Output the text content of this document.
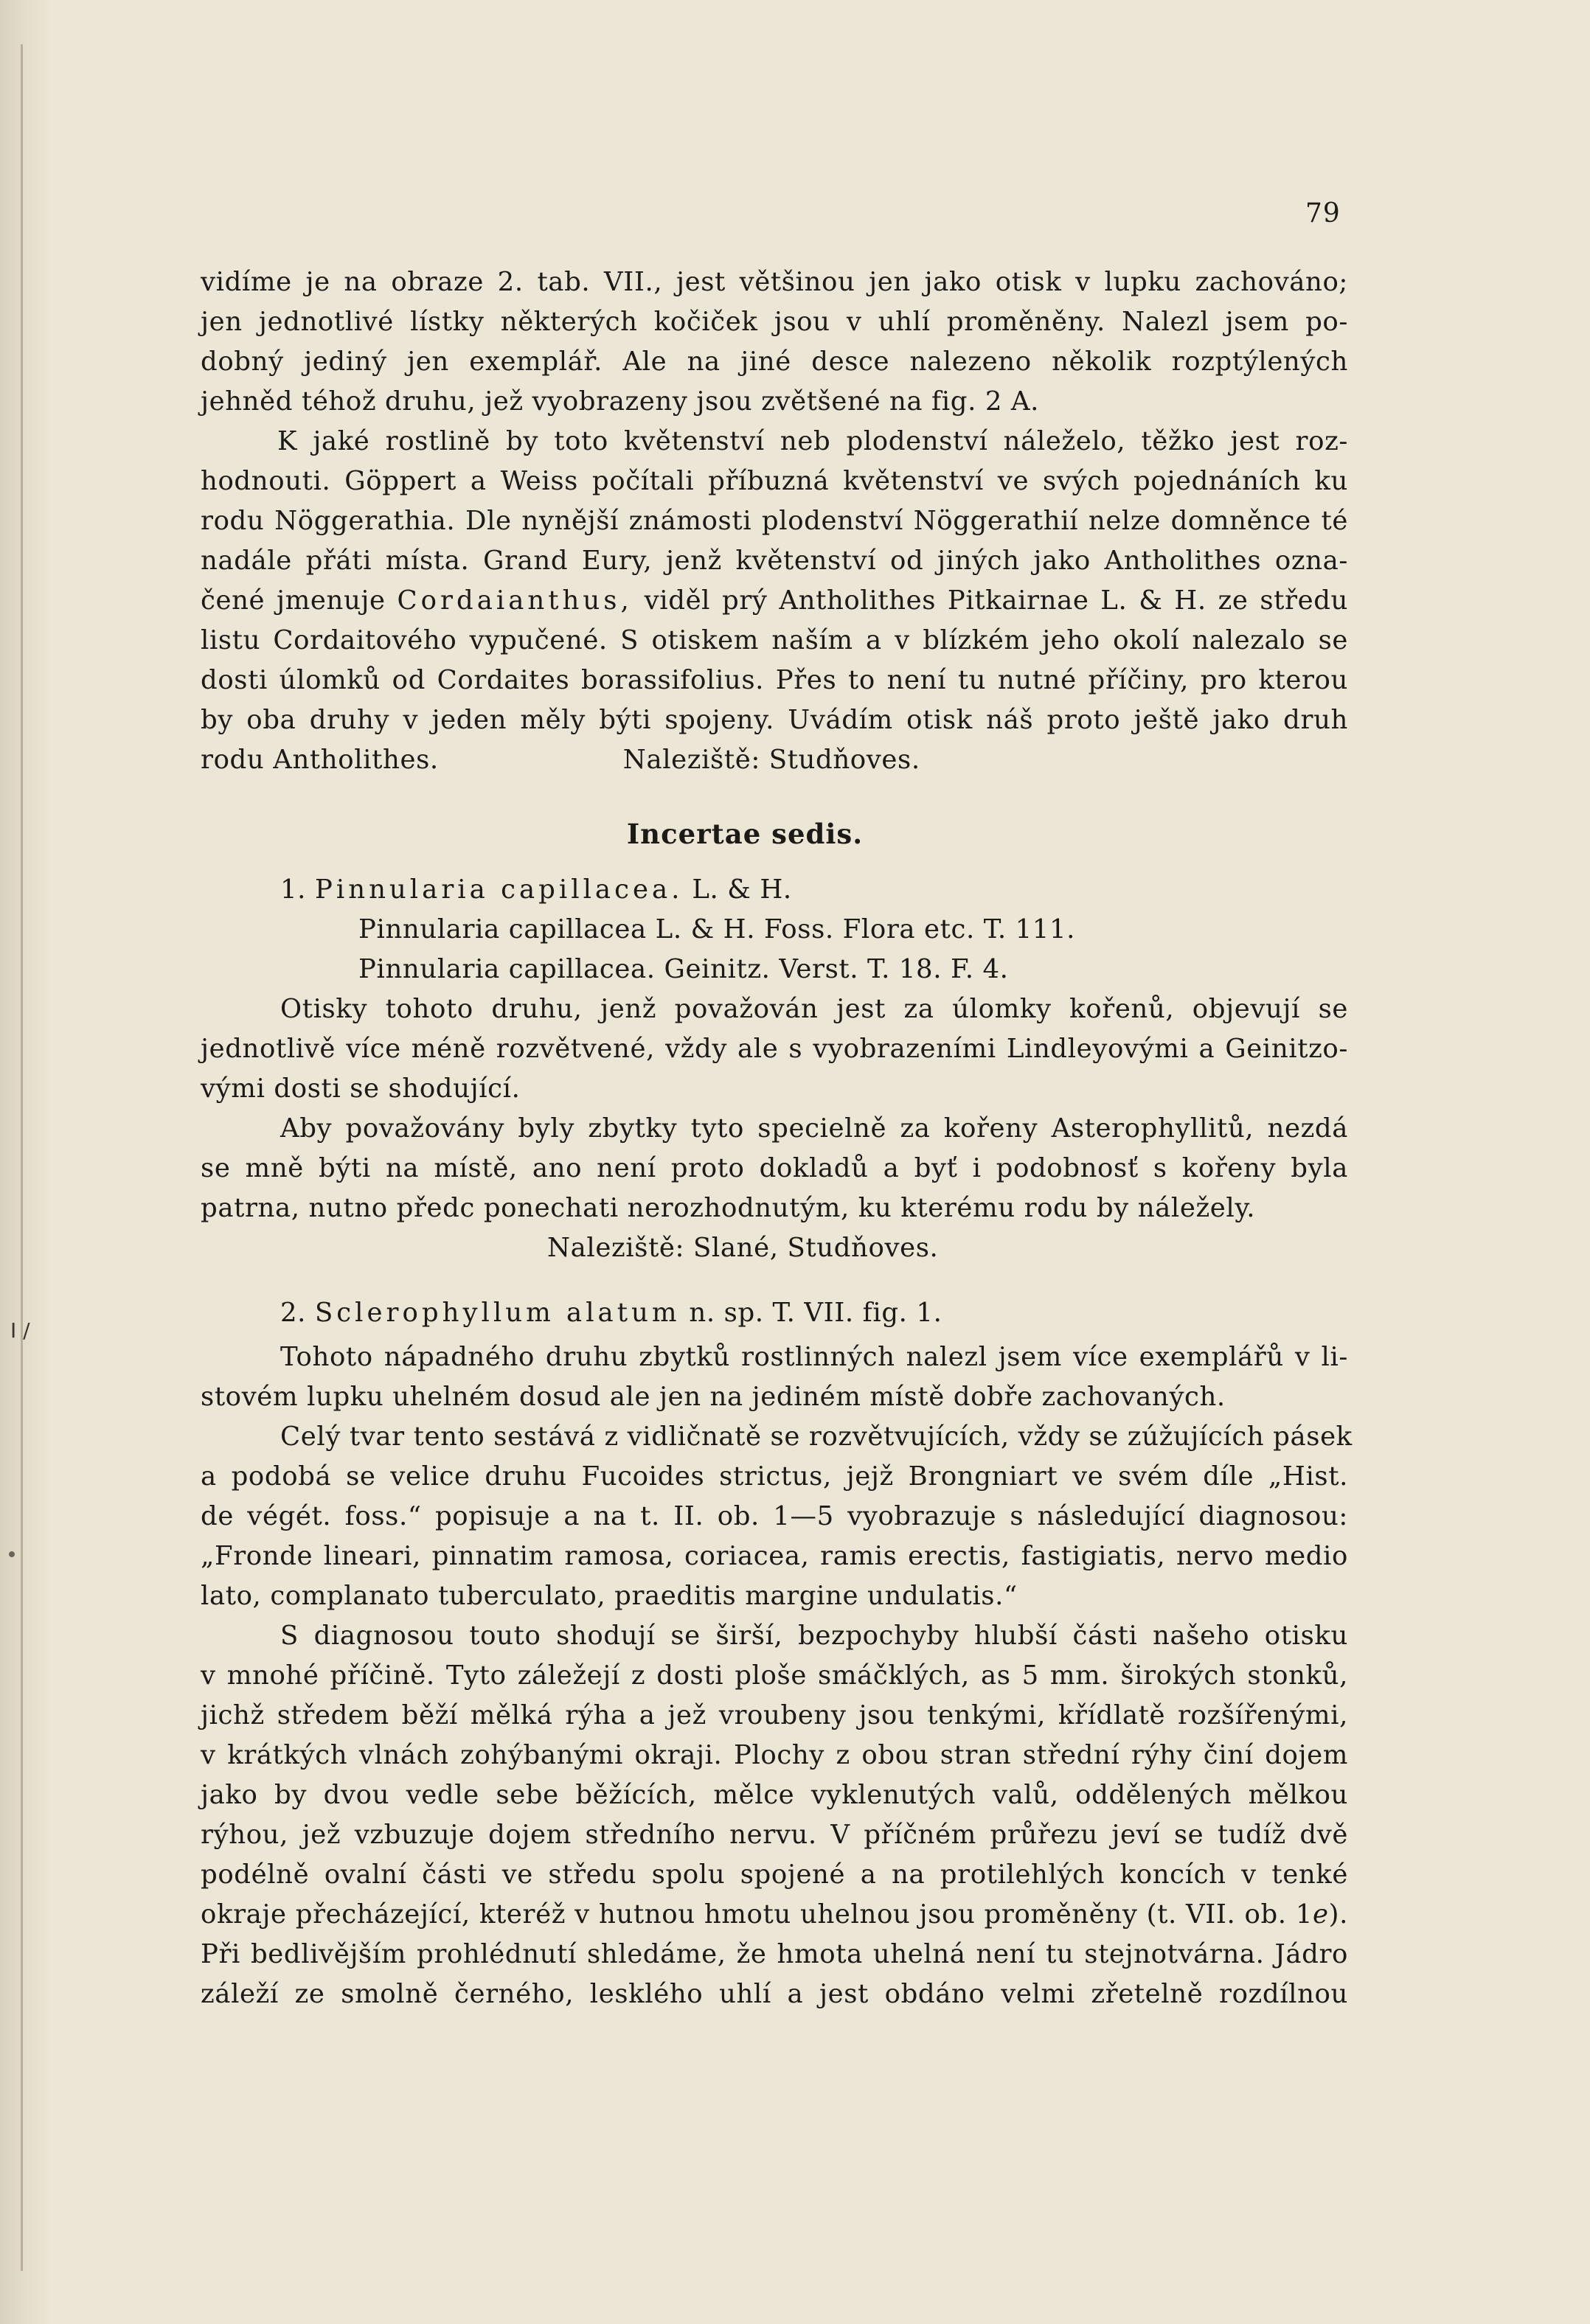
I /
79
vidíme je na obraze 2. tab. VII., jest většinou jen jako otisk v lupku zachováno;
jen jednotlivé lístky některých kočiček jsou v uhlí proměněny. Nalezl jsem po-
dobný jediný jen exemplář. Ale na jiné desce nalezeno několik rozptýlených
jehněd téhož druhu, jež vyobrazeny jsou zvětšené na fig. 2 A.
K jaké rostlině by toto květenství neb plodenství náleželo, těžko jest roz-
hodnouti. Göppert a Weiss počítali příbuzná květenství ve svých pojednáních ku
rodu Nöggerathia. Dle nynější známosti plodenství Nöggerathií nelze domněnce té
nadále přáti místa. Grand Eury, jenž květenství od jiných jako Antholithes ozna-
čené jmenuje Cordaianthus, viděl prý Antholithes Pitkairnae L. & H. ze středu
listu Cordaitového vypučené. S otiskem naším a v blízkém jeho okolí nalezalo se
dosti úlomků od Cordaites borassifolius. Přes to není tu nutné příčiny, pro kterou
by oba druhy v jeden měly býti spojeny. Uvádím otisk náš proto ještě jako druh
rodu Antholithes.	Naleziště: Studňoves.
Incertae sedis.
1. Pinnularia capillacea. L. & H.
Pinnularia capillacea L. & H. Foss. Flora etc. T. 111.
Pinnularia capillacea. Geinitz. Verst. T. 18. F. 4.
Otisky tohoto druhu, jenž považován jest za úlomky kořenů, objevují se
jednotlivě více méně rozvětvené, vždy ale s vyobrazeními Lindleyovými a Geinitzo-
vými dosti se shodující.
Aby považovány byly zbytky tyto specielně za kořeny Asterophyllitů, nezdá
se mně býti na místě, ano není proto dokladů a byť i podobnosť s kořeny byla
patrna, nutno předc ponechati nerozhodnutým, ku kterému rodu by náležely.
Naleziště: Slané, Studňoves.
2. Sclerophyllum alatum n. sp. T. VII. fig. 1.
Tohoto nápadného druhu zbytků rostlinných nalezl jsem více exemplářů v li-
stovém lupku uhelném dosud ale jen na jediném místě dobře zachovaných.
Celý tvar tento sestává z vidličnatě se rozvětvujících, vždy se zúžujících pásek
a podobá se velice druhu Fucoides strictus, jejž Brongniart ve svém díle „Hist.
de végét. foss.“ popisuje a na t. II. ob. 1—5 vyobrazuje s následující diagnosou:
„Fronde lineari, pinnatim ramosa, coriacea, ramis erectis, fastigiatis, nervo medio
lato, complanato tuberculato, praeditis margine undulatis.“
S diagnosou touto shodují se širší, bezpochyby hlubší části našeho otisku
v mnohé příčině. Tyto záležejí z dosti ploše smáčklých, as 5 mm. širokých stonků,
jichž středem běží mělká rýha a jež vroubeny jsou tenkými, křídlatě rozšířenými,
v krátkých vlnách zohýbanými okraji. Plochy z obou stran střední rýhy činí dojem
jako by dvou vedle sebe běžících, mělce vyklenutých valů, oddělených mělkou
rýhou, jež vzbuzuje dojem středního nervu. V příčném průřezu jeví se tudíž dvě
podélně ovalní části ve středu spolu spojené a na protilehlých koncích v tenké
okraje přecházející, kteréž v hutnou hmotu uhelnou jsou proměněny (t. VII. ob. 1e).
Při bedlivějším prohlédnutí shledáme, že hmota uhelná není tu stejnotvárna. Jádro
záleží ze smolně černého, lesklého uhlí a jest obdáno velmi zřetelně rozdílnou
